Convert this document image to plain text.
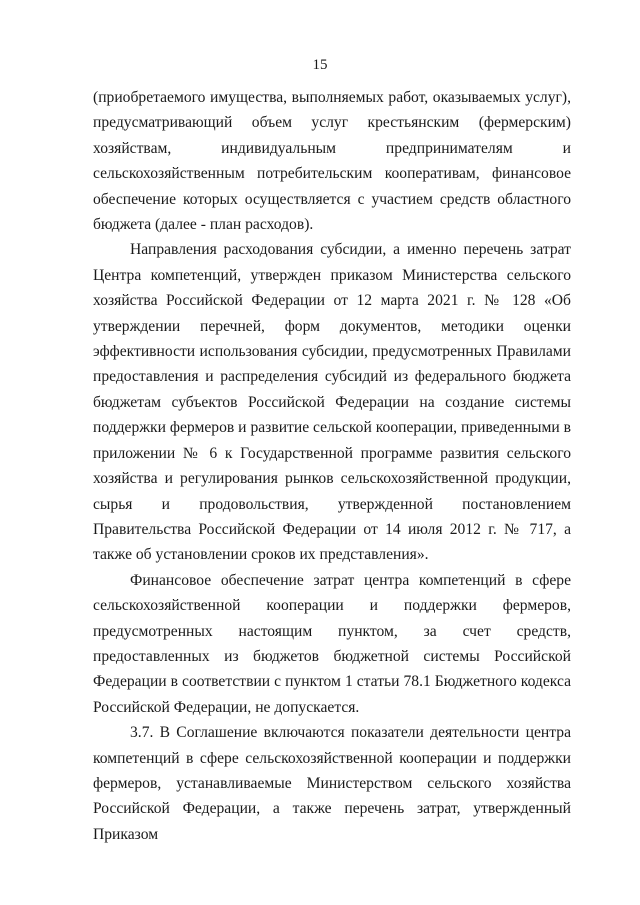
15

(приобретаемого имущества, выполняемых работ, оказываемых услуг), предусматривающий объем услуг крестьянским (фермерским) хозяйствам, индивидуальным предпринимателям и сельскохозяйственным потребительским кооперативам, финансовое обеспечение которых осуществляется с участием средств областного бюджета (далее - план расходов).

Направления расходования субсидии, а именно перечень затрат Центра компетенций, утвержден приказом Министерства сельского хозяйства Российской Федерации от 12 марта 2021 г. № 128 «Об утверждении перечней, форм документов, методики оценки эффективности использования субсидии, предусмотренных Правилами предоставления и распределения субсидий из федерального бюджета бюджетам субъектов Российской Федерации на создание системы поддержки фермеров и развитие сельской кооперации, приведенными в приложении № 6 к Государственной программе развития сельского хозяйства и регулирования рынков сельскохозяйственной продукции, сырья и продовольствия, утвержденной постановлением Правительства Российской Федерации от 14 июля 2012 г. № 717, а также об установлении сроков их представления».

Финансовое обеспечение затрат центра компетенций в сфере сельскохозяйственной кооперации и поддержки фермеров, предусмотренных настоящим пунктом, за счет средств, предоставленных из бюджетов бюджетной системы Российской Федерации в соответствии с пунктом 1 статьи 78.1 Бюджетного кодекса Российской Федерации, не допускается.

3.7. В Соглашение включаются показатели деятельности центра компетенций в сфере сельскохозяйственной кооперации и поддержки фермеров, устанавливаемые Министерством сельского хозяйства Российской Федерации, а также перечень затрат, утвержденный Приказом
